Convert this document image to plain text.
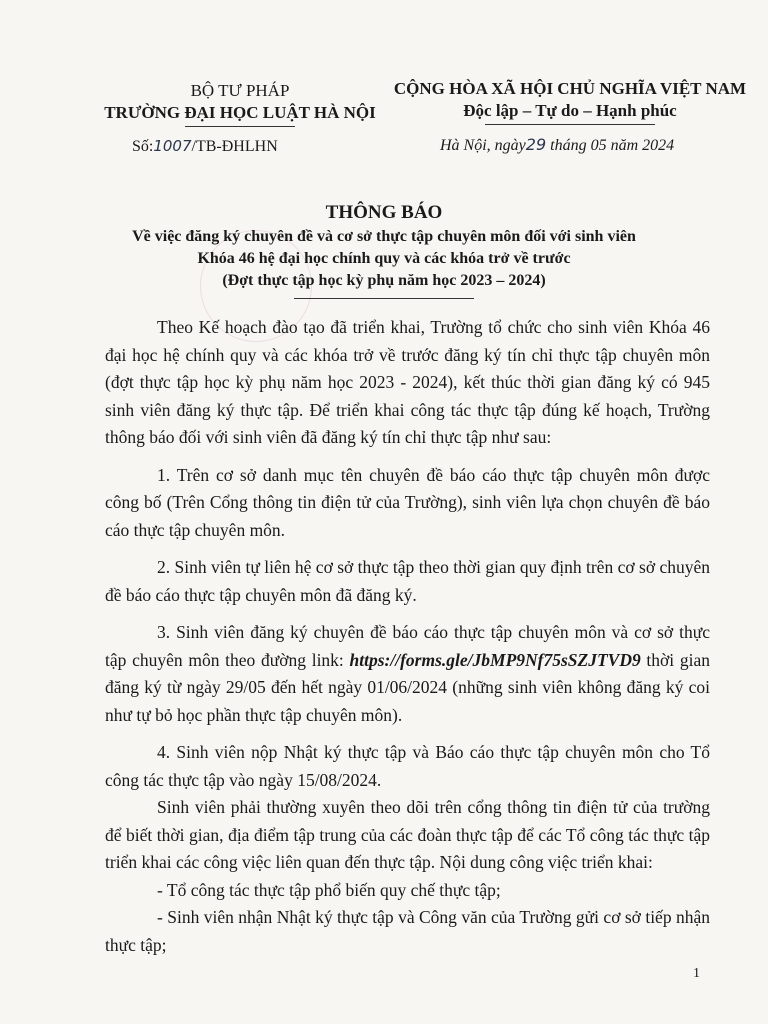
BỘ TƯ PHÁP
TRƯỜNG ĐẠI HỌC LUẬT HÀ NỘI
CỘNG HÒA XÃ HỘI CHỦ NGHĨA VIỆT NAM
Độc lập – Tự do – Hạnh phúc
Số:1007/TB-ĐHLHN	Hà Nội, ngày29 tháng 05 năm 2024
THÔNG BÁO
Về việc đăng ký chuyên đề và cơ sở thực tập chuyên môn đối với sinh viên
Khóa 46 hệ đại học chính quy và các khóa trở về trước
(Đợt thực tập học kỳ phụ năm học 2023 – 2024)

Theo Kế hoạch đào tạo đã triển khai, Trường tổ chức cho sinh viên Khóa 46 đại học hệ chính quy và các khóa trở về trước đăng ký tín chỉ thực tập chuyên môn (đợt thực tập học kỳ phụ năm học 2023 - 2024), kết thúc thời gian đăng ký có 945 sinh viên đăng ký thực tập. Để triển khai công tác thực tập đúng kế hoạch, Trường thông báo đối với sinh viên đã đăng ký tín chỉ thực tập như sau:

1. Trên cơ sở danh mục tên chuyên đề báo cáo thực tập chuyên môn được công bố (Trên Cổng thông tin điện tử của Trường), sinh viên lựa chọn chuyên đề báo cáo thực tập chuyên môn.

2. Sinh viên tự liên hệ cơ sở thực tập theo thời gian quy định trên cơ sở chuyên đề báo cáo thực tập chuyên môn đã đăng ký.

3. Sinh viên đăng ký chuyên đề báo cáo thực tập chuyên môn và cơ sở thực tập chuyên môn theo đường link: https://forms.gle/JbMP9Nf75sSZJTVD9 thời gian đăng ký từ ngày 29/05 đến hết ngày 01/06/2024 (những sinh viên không đăng ký coi như tự bỏ học phần thực tập chuyên môn).

4. Sinh viên nộp Nhật ký thực tập và Báo cáo thực tập chuyên môn cho Tổ công tác thực tập vào ngày 15/08/2024.

Sinh viên phải thường xuyên theo dõi trên cổng thông tin điện tử của trường để biết thời gian, địa điểm tập trung của các đoàn thực tập để các Tổ công tác thực tập triển khai các công việc liên quan đến thực tập. Nội dung công việc triển khai:

- Tổ công tác thực tập phổ biến quy chế thực tập;

- Sinh viên nhận Nhật ký thực tập và Công văn của Trường gửi cơ sở tiếp nhận thực tập;

1
